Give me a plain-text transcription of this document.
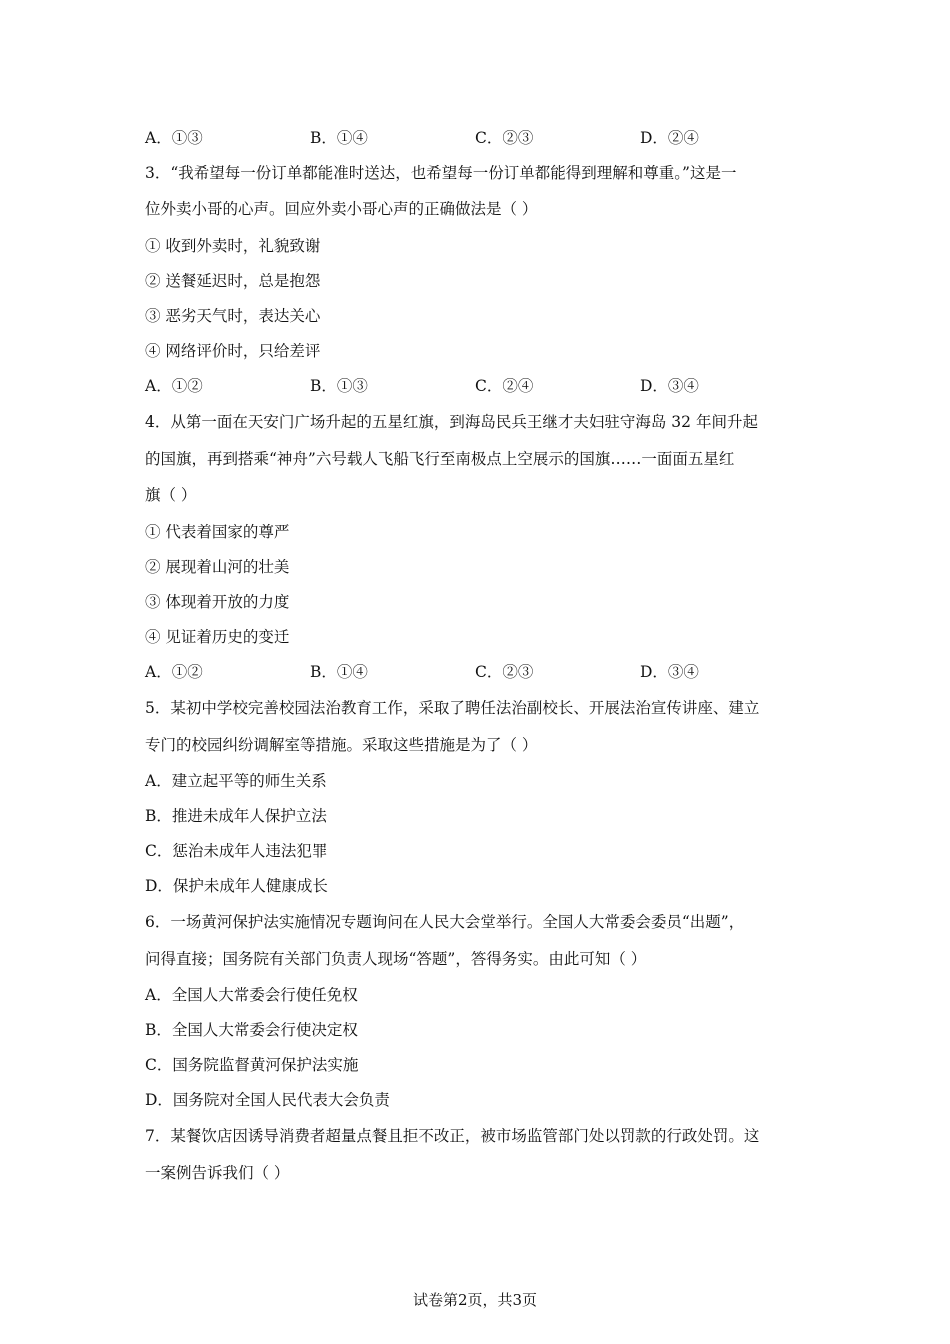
A．①③	B．①④	C．②③	D．②④
3．“我希望每一份订单都能准时送达，也希望每一份订单都能得到理解和尊重。”这是一
位外卖小哥的心声。回应外卖小哥心声的正确做法是（ ）
① 收到外卖时，礼貌致谢
② 送餐延迟时，总是抱怨
③ 恶劣天气时，表达关心
④ 网络评价时，只给差评
A．①②	B．①③	C．②④	D．③④
4．从第一面在天安门广场升起的五星红旗，到海岛民兵王继才夫妇驻守海岛 32 年间升起
的国旗，再到搭乘“神舟”六号载人飞船飞行至南极点上空展示的国旗……一面面五星红
旗（ ）
① 代表着国家的尊严
② 展现着山河的壮美
③ 体现着开放的力度
④ 见证着历史的变迁
A．①②	B．①④	C．②③	D．③④
5．某初中学校完善校园法治教育工作，采取了聘任法治副校长、开展法治宣传讲座、建立
专门的校园纠纷调解室等措施。采取这些措施是为了（ ）
A．建立起平等的师生关系
B．推进未成年人保护立法
C．惩治未成年人违法犯罪
D．保护未成年人健康成长
6．一场黄河保护法实施情况专题询问在人民大会堂举行。全国人大常委会委员“出题”，
问得直接；国务院有关部门负责人现场“答题”，答得务实。由此可知（ ）
A．全国人大常委会行使任免权
B．全国人大常委会行使决定权
C．国务院监督黄河保护法实施
D．国务院对全国人民代表大会负责
7．某餐饮店因诱导消费者超量点餐且拒不改正，被市场监管部门处以罚款的行政处罚。这
一案例告诉我们（ ）
试卷第2页，共3页
